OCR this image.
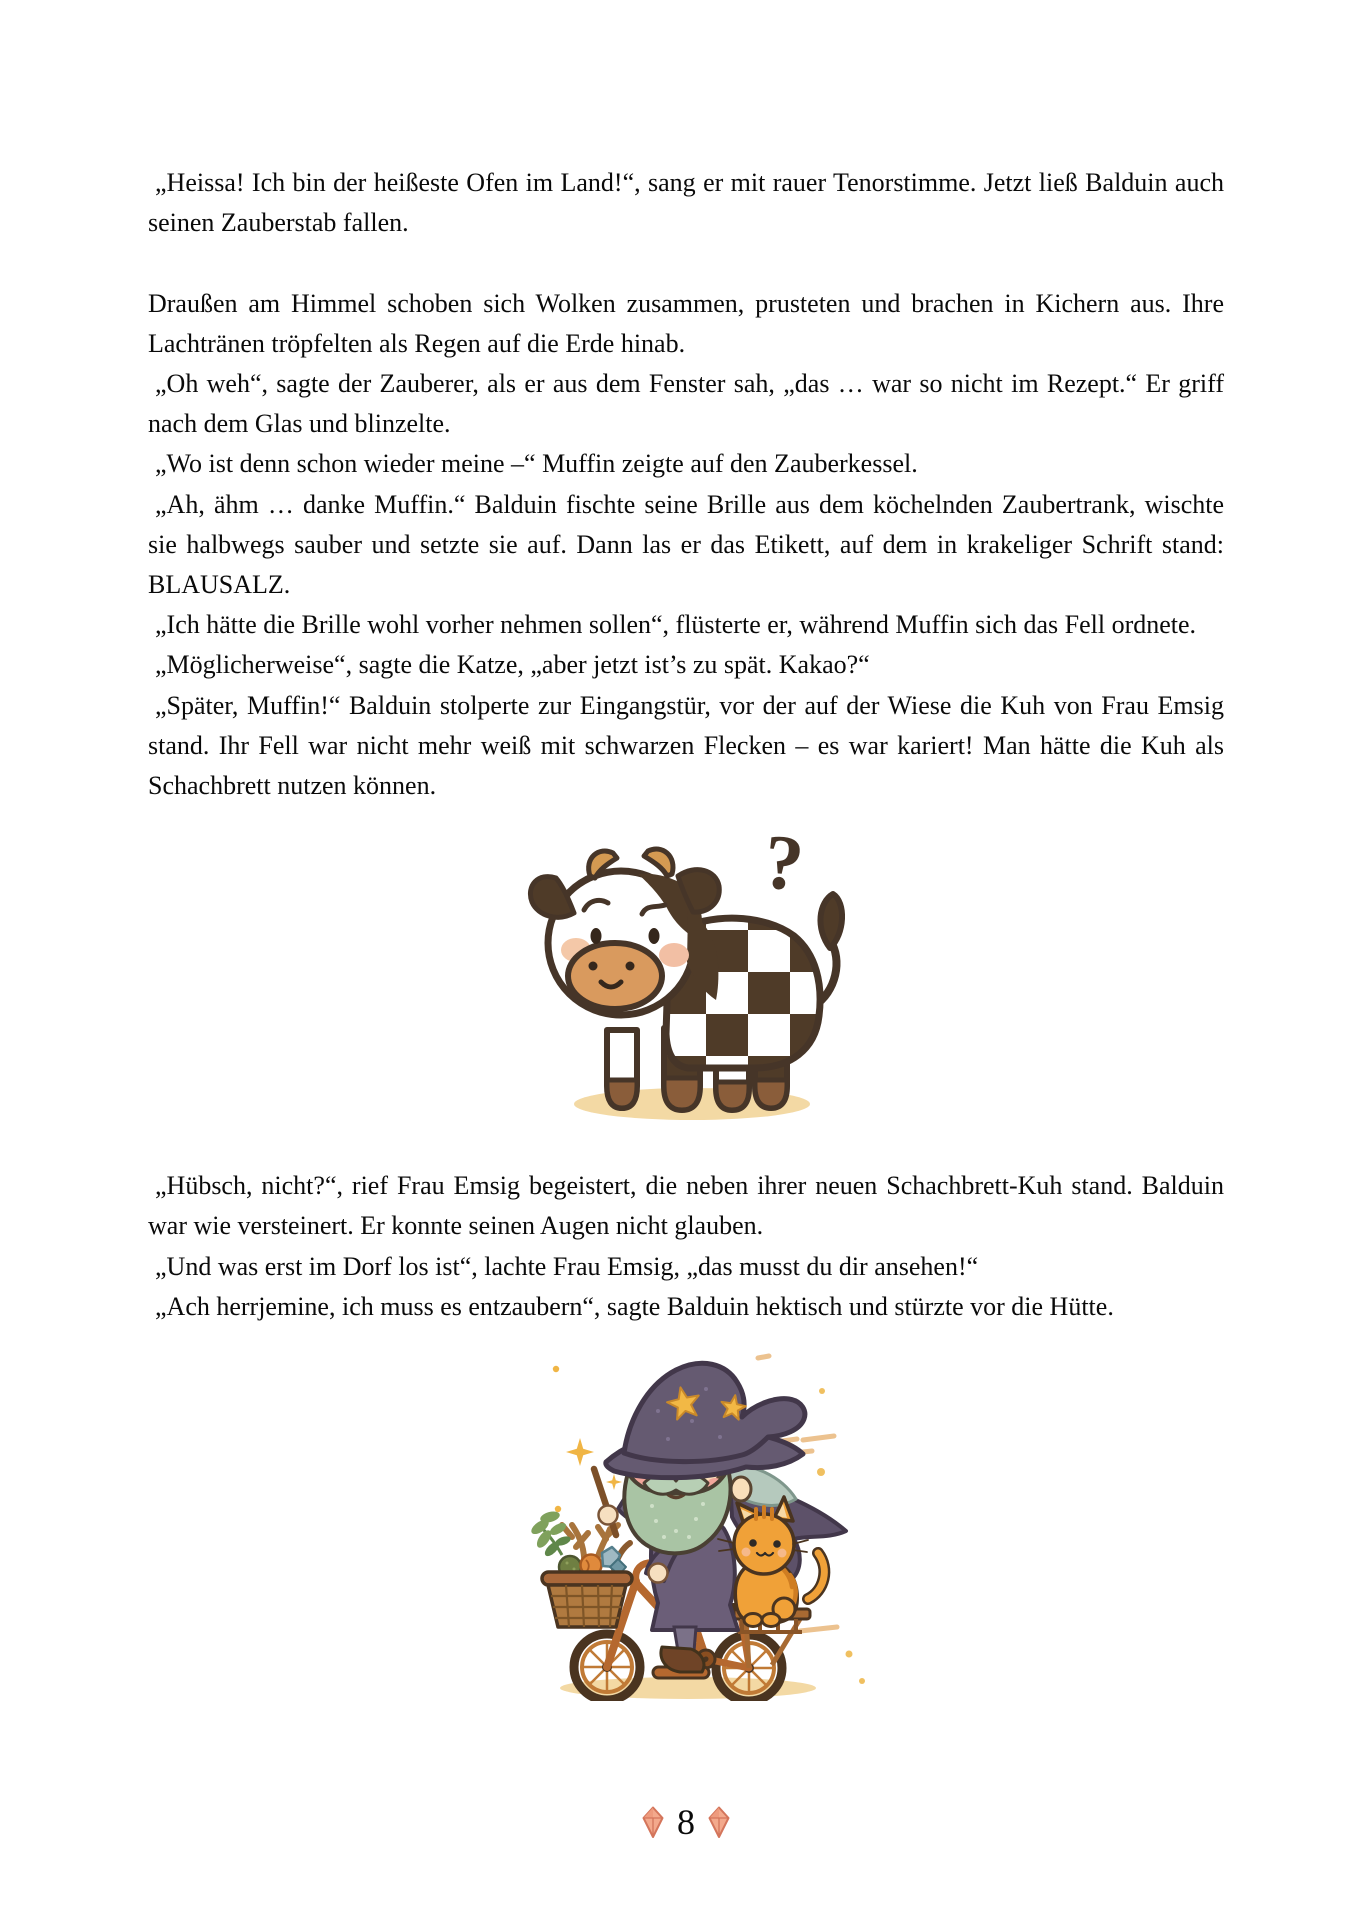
„Heissa! Ich bin der heißeste Ofen im Land!“, sang er mit rauer Tenorstimme. Jetzt ließ Balduin auch seinen Zauberstab fallen.

Draußen am Himmel schoben sich Wolken zusammen, prusteten und brachen in Kichern aus. Ihre Lachtränen tröpfelten als Regen auf die Erde hinab.

„Oh weh“, sagte der Zauberer, als er aus dem Fenster sah, „das … war so nicht im Rezept.“ Er griff nach dem Glas und blinzelte.

„Wo ist denn schon wieder meine –“ Muffin zeigte auf den Zauberkessel.

„Ah, ähm … danke Muffin.“ Balduin fischte seine Brille aus dem köchelnden Zaubertrank, wischte sie halbwegs sauber und setzte sie auf. Dann las er das Etikett, auf dem in krakeliger Schrift stand: BLAUSALZ.

„Ich hätte die Brille wohl vorher nehmen sollen“, flüsterte er, während Muffin sich das Fell ordnete.

„Möglicherweise“, sagte die Katze, „aber jetzt ist’s zu spät. Kakao?“

„Später, Muffin!“ Balduin stolperte zur Eingangstür, vor der auf der Wiese die Kuh von Frau Emsig stand. Ihr Fell war nicht mehr weiß mit schwarzen Flecken – es war kariert! Man hätte die Kuh als Schachbrett nutzen können.

?

„Hübsch, nicht?“, rief Frau Emsig begeistert, die neben ihrer neuen Schachbrett-Kuh stand. Balduin war wie versteinert. Er konnte seinen Augen nicht glauben.

„Und was erst im Dorf los ist“, lachte Frau Emsig, „das musst du dir ansehen!“

„Ach herrjemine, ich muss es entzaubern“, sagte Balduin hektisch und stürzte vor die Hütte.

8
